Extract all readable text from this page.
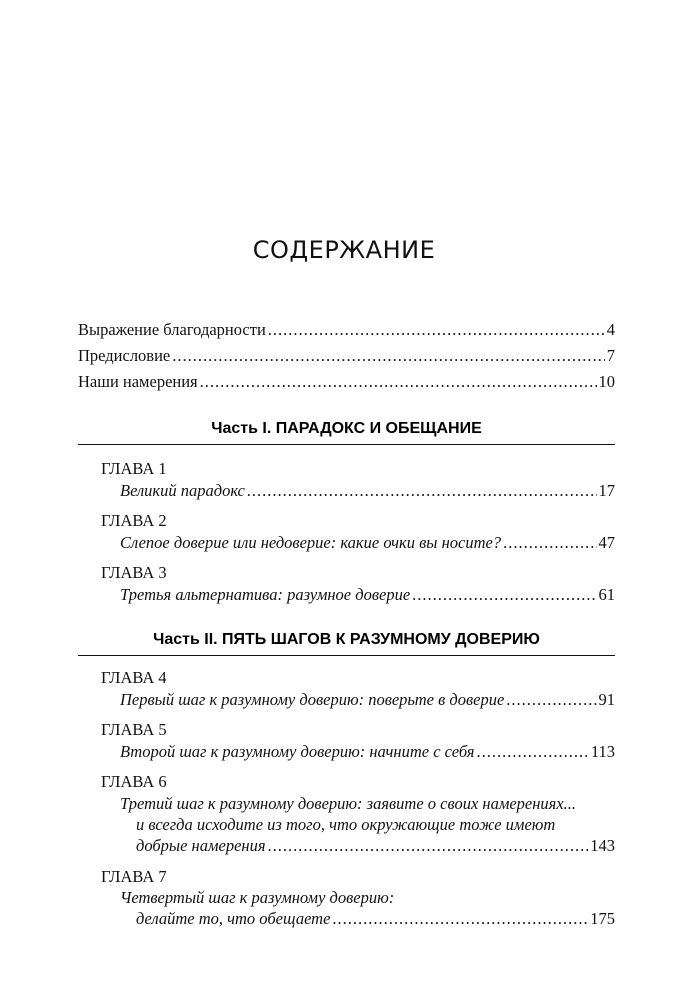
СОДЕРЖАНИЕ
Выражение благодарности .....	4
Предисловие .....	7
Наши намерения .....	10
Часть I. ПАРАДОКС И ОБЕЩАНИЕ
ГЛАВА 1
Великий парадокс .....	17
ГЛАВА 2
Слепое доверие или недоверие: какие очки вы носите? .....	47
ГЛАВА 3
Третья альтернатива: разумное доверие .....	61
Часть II. ПЯТЬ ШАГОВ К РАЗУМНОМУ ДОВЕРИЮ
ГЛАВА 4
Первый шаг к разумному доверию: поверьте в доверие .....	91
ГЛАВА 5
Второй шаг к разумному доверию: начните с себя .....	113
ГЛАВА 6
Третий шаг к разумному доверию: заявите о своих намерениях...
и всегда исходите из того, что окружающие тоже имеют
добрые намерения .....	143
ГЛАВА 7
Четвертый шаг к разумному доверию:
делайте то, что обещаете .....	175
